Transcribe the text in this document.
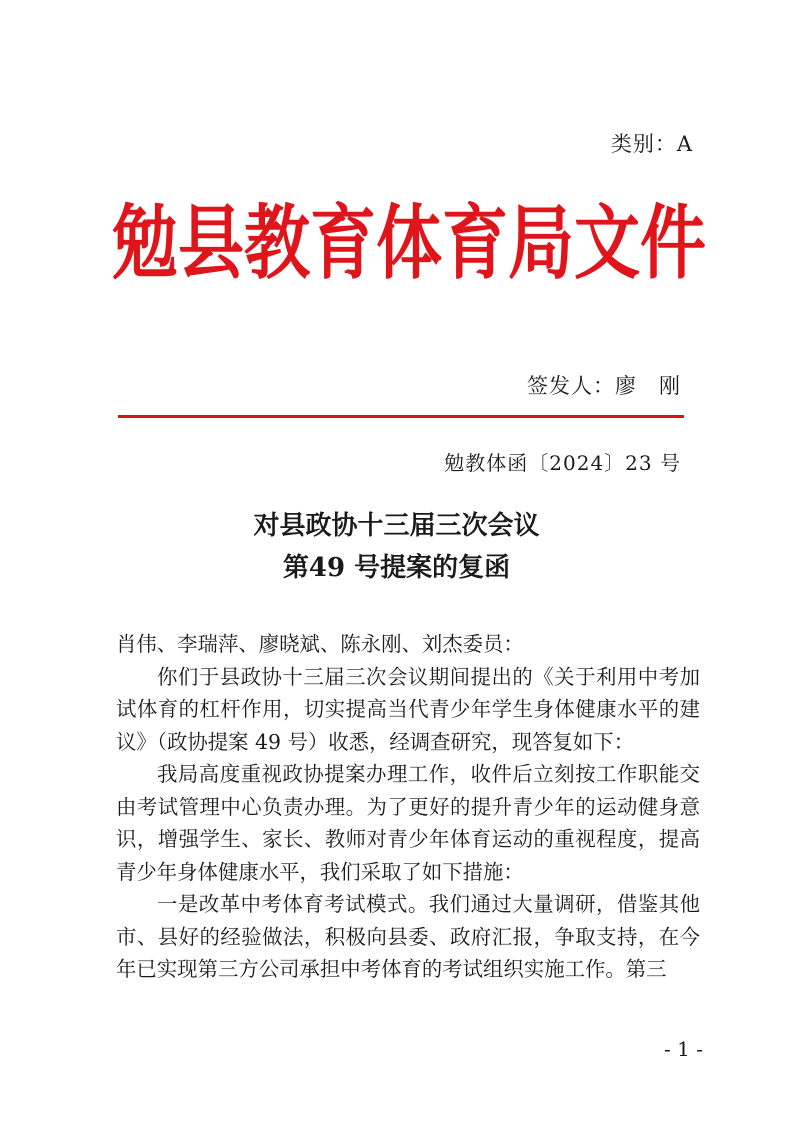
类别：A
勉县教育体育局文件
签发人：廖　刚
勉教体函〔2024〕23 号
对县政协十三届三次会议
第49 号提案的复函

肖伟、李瑞萍、廖晓斌、陈永刚、刘杰委员：

你们于县政协十三届三次会议期间提出的《关于利用中考加试体育的杠杆作用，切实提高当代青少年学生身体健康水平的建议》（政协提案 49 号）收悉，经调查研究，现答复如下：

我局高度重视政协提案办理工作，收件后立刻按工作职能交由考试管理中心负责办理。为了更好的提升青少年的运动健身意识，增强学生、家长、教师对青少年体育运动的重视程度，提高青少年身体健康水平，我们采取了如下措施：

一是改革中考体育考试模式。我们通过大量调研，借鉴其他市、县好的经验做法，积极向县委、政府汇报，争取支持，在今年已实现第三方公司承担中考体育的考试组织实施工作。第三

- 1 -
